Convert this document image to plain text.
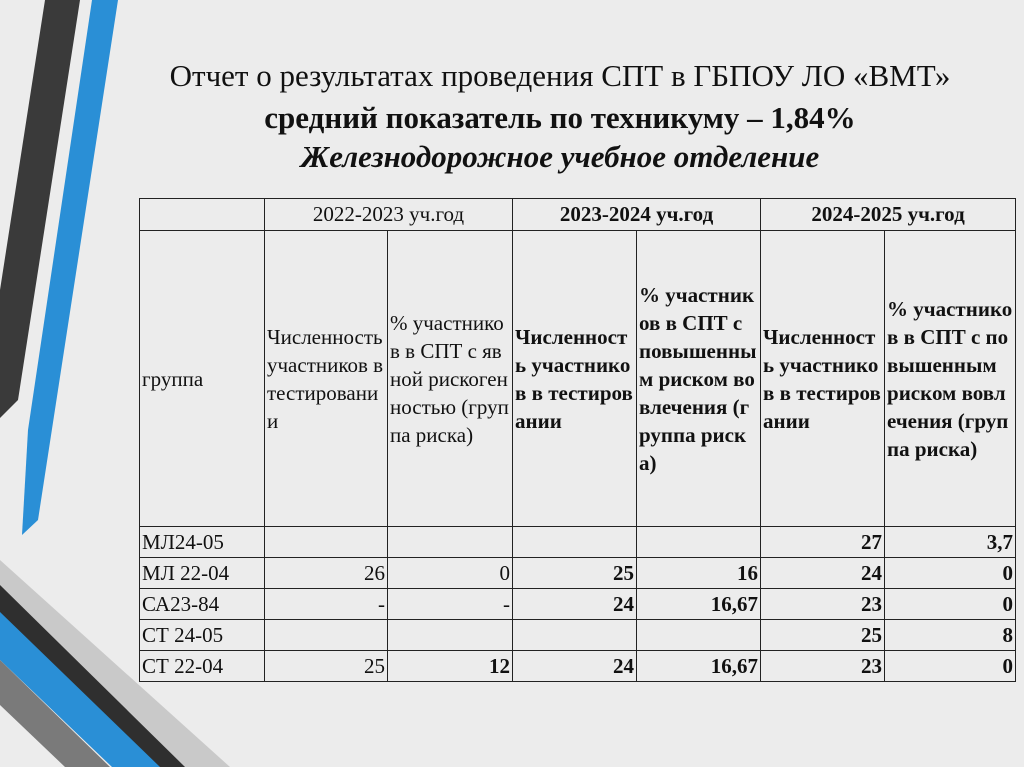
Отчет о результатах проведения СПТ в ГБПОУ ЛО «ВМТ»
средний показатель по техникуму – 1,84%
Железнодорожное учебное отделение
	2022-2023 уч.год		2023-2024 уч.год		2024-2025 уч.год	
группа	Численность участников в тестировании	% участников в СПТ с явной рискогенностью (группа риска)	Численность участников в тестировании	% участников в СПТ с повышенным риском вовлечения (группа риска)	Численность участников в тестировании	% участников в СПТ с повышенным риском вовлечения (группа риска)
МЛ24-05					27	3,7
МЛ 22-04	26	0	25	16	24	0
СА23-84	-	-	24	16,67	23	0
СТ 24-05					25	8
СТ 22-04	25	12	24	16,67	23	0
